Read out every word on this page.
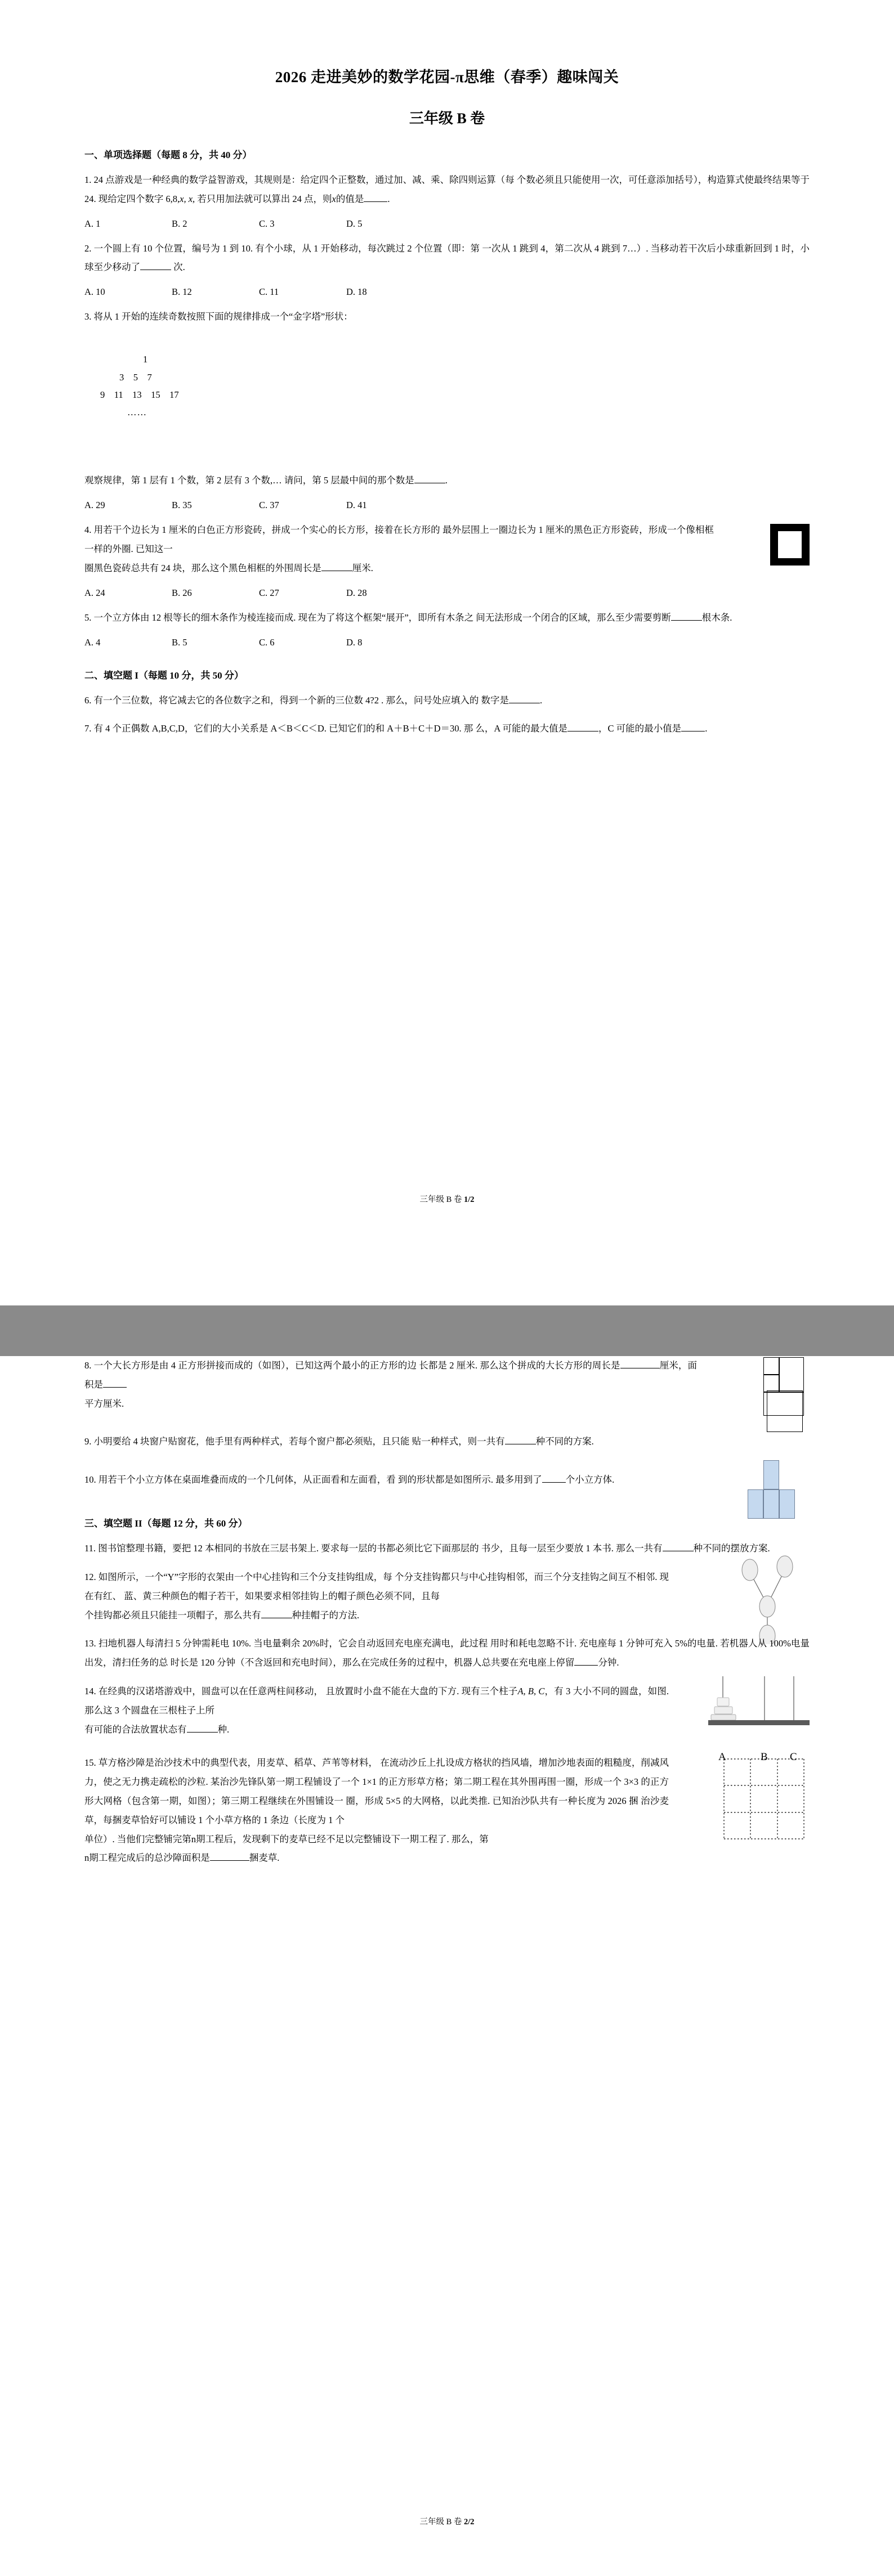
2026 走进美妙的数学花园-π思维（春季）趣味闯关
三年级 B 卷
一、单项选择题（每题 8 分，共 40 分）

1. 24 点游戏是一种经典的数学益智游戏，其规则是：给定四个正整数，通过加、减、乘、除四则运算（每 个数必须且只能使用一次，可任意添加括号），构造算式使最终结果等于 24. 现给定四个数字 6,8,x, x, 若只用加法就可以算出 24 点，则x的值是	.

A. 1	B. 2	C. 3	D. 5

2. 一个圆上有 10 个位置，编号为 1 到 10. 有个小球，从 1 开始移动，每次跳过 2 个位置（即：第 一次从 1 跳到 4，第二次从 4 跳到 7…）. 当移动若干次后小球重新回到 1 时，小球至少移动了	次.

A. 10	B. 12	C. 11	D. 18

3. 将从 1 开始的连续奇数按照下面的规律排成一个“金字塔”形状：

1
3    5    7
9    11    13    15    17
……

观察规律，第 1 层有 1 个数，第 2 层有 3 个数,… 请问，第 5 层最中间的那个数是	.

A. 29	B. 35	C. 37	D. 41

4. 用若干个边长为 1 厘米的白色正方形瓷砖，拼成一个实心的长方形，接着在长方形的 最外层围上一圈边长为 1 厘米的黑色正方形瓷砖，形成一个像相框一样的外圈. 已知这一

圈黑色瓷砖总共有 24 块，那么这个黑色相框的外围周长是	厘米.

A. 24	B. 26	C. 27	D. 28

5. 一个立方体由 12 根等长的细木条作为棱连接而成. 现在为了将这个框架“展开”，即所有木条之 间无法形成一个闭合的区域，那么至少需要剪断	根木条.

A. 4	B. 5	C. 6	D. 8
二、填空题 I（每题 10 分，共 50 分）

6. 有一个三位数，将它减去它的各位数字之和，得到一个新的三位数 4?2 . 那么，问号处应填入的 数字是	.

7. 有 4 个正偶数 A,B,C,D，它们的大小关系是 A＜B＜C＜D. 已知它们的和 A＋B＋C＋D＝30. 那 么，A 可能的最大值是	，C 可能的最小值是	.

三年级 B 卷 1/2

8. 一个大长方形是由 4 正方形拼接而成的（如图），已知这两个最小的正方形的边 长都是 2 厘米. 那么这个拼成的大长方形的周长是	厘米，面积是

平方厘米.

9. 小明要给 4 块窗户贴窗花，他手里有两种样式，若每个窗户都必须贴，且只能 贴一种样式，则一共有	种不同的方案.

10. 用若干个小立方体在桌面堆叠而成的一个几何体，从正面看和左面看，看 到的形状都是如图所示. 最多用到了	个小立方体.

三、填空题 II（每题 12 分，共 60 分）

11. 图书馆整理书籍，要把 12 本相同的书放在三层书架上. 要求每一层的书都必须比它下面那层的 书少，且每一层至少要放 1 本书. 那么一共有	种不同的摆放方案.

12. 如图所示，一个“Y”字形的衣架由一个中心挂钩和三个分支挂钩组成，每 个分支挂钩都只与中心挂钩相邻，而三个分支挂钩之间互不相邻. 现在有红、 蓝、黄三种颜色的帽子若干，如果要求相邻挂钩上的帽子颜色必须不同，且每

个挂钩都必须且只能挂一项帽子，那么共有	种挂帽子的方法.

13. 扫地机器人每清扫 5 分钟需耗电 10%. 当电量剩余 20%时，它会自动返回充电座充满电，此过程 用时和耗电忽略不计. 充电座每 1 分钟可充入 5%的电量. 若机器人从 100%电量出发，清扫任务的总 时长是 120 分钟（不含返回和充电时间），那么在完成任务的过程中，机器人总共要在充电座上停留	分钟.

14. 在经典的汉诺塔游戏中，圆盘可以在任意两柱间移动， 且放置时小盘不能在大盘的下方. 现有三个柱子A, B, C，有 3 大小不同的圆盘，如图. 那么这 3 个圆盘在三根柱子上所

有可能的合法放置状态有	种.

A	B C

15. 草方格沙障是治沙技术中的典型代表，用麦草、稻草、芦苇等材料， 在流动沙丘上扎设成方格状的挡风墙，增加沙地表面的粗糙度，削减风 力，使之无力携走疏松的沙粒. 某治沙先锋队第一期工程铺设了一个 1×1 的正方形草方格；第二期工程在其外围再围一圈，形成一个 3×3 的正方形大网格（包含第一期，如图）；第三期工程继续在外围铺设一 圈，形成 5×5 的大网格，以此类推. 已知治沙队共有一种长度为 2026 捆 治沙麦草，每捆麦草恰好可以铺设 1 个小草方格的 1 条边（长度为 1 个

单位）. 当他们完整铺完第n期工程后，发现剩下的麦草已经不足以完整铺设下一期工程了. 那么，第

n期工程完成后的总沙障面积是	捆麦草.

三年级 B 卷 2/2
